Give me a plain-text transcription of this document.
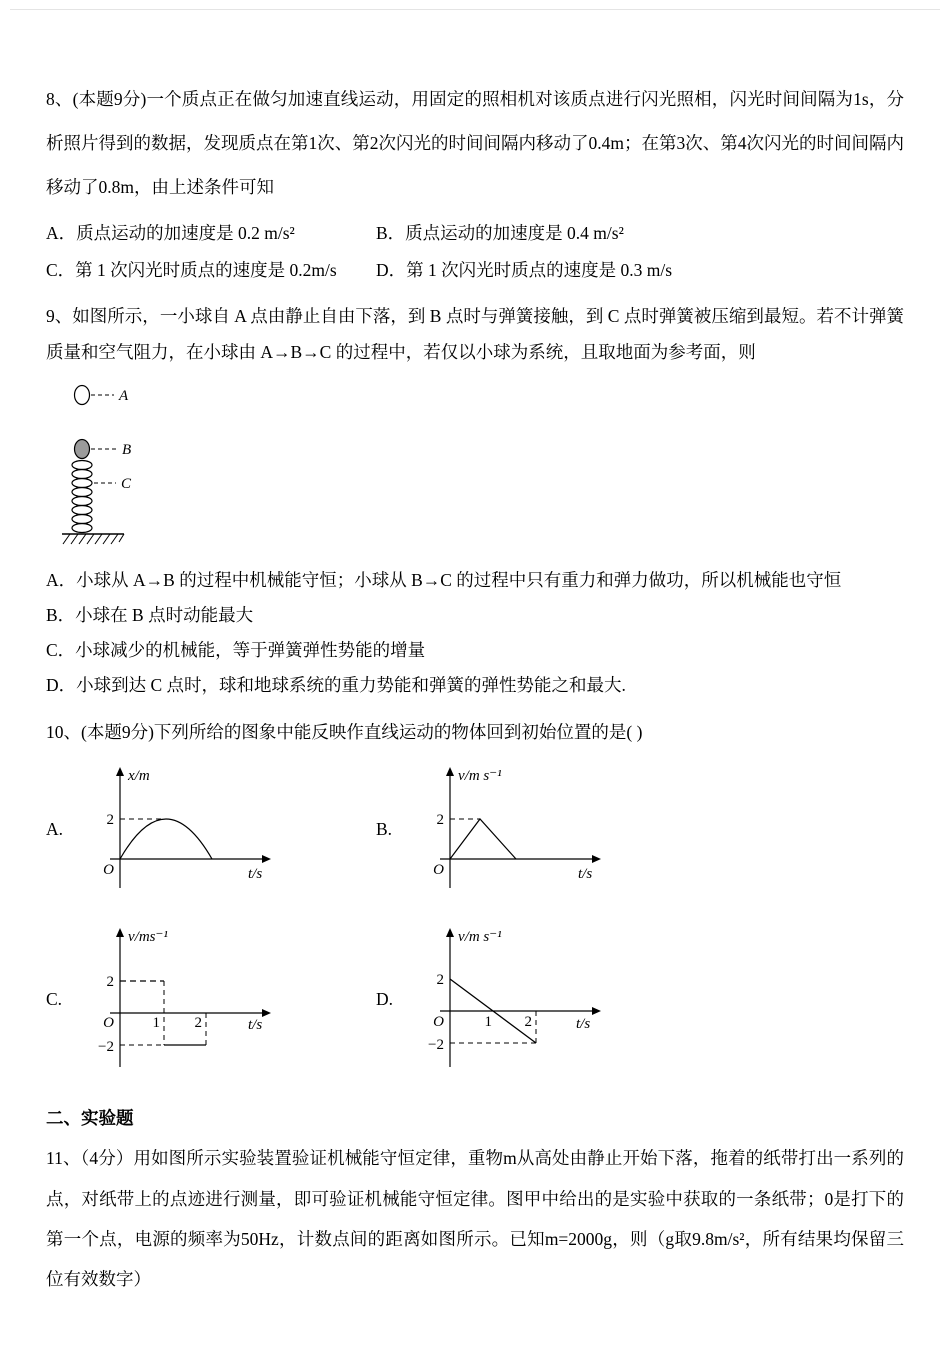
8、(本题9分)一个质点正在做匀加速直线运动，用固定的照相机对该质点进行闪光照相，闪光时间间隔为1s，分析照片得到的数据，发现质点在第1次、第2次闪光的时间间隔内移动了0.4m；在第3次、第4次闪光的时间间隔内移动了0.8m，由上述条件可知

A．质点运动的加速度是 0.2 m/s²	B．质点运动的加速度是 0.4 m/s²
C．第 1 次闪光时质点的速度是 0.2m/s	D．第 1 次闪光时质点的速度是 0.3 m/s

9、如图所示，一小球自 A 点由静止自由下落，到 B 点时与弹簧接触，到 C 点时弹簧被压缩到最短。若不计弹簧质量和空气阻力，在小球由 A→B→C 的过程中，若仅以小球为系统，且取地面为参考面，则

A
B
C
A．小球从 A→B 的过程中机械能守恒；小球从 B→C 的过程中只有重力和弹力做功，所以机械能也守恒
B．小球在 B 点时动能最大
C．小球减少的机械能，等于弹簧弹性势能的增量
D．小球到达 C 点时，球和地球系统的重力势能和弹簧的弹性势能之和最大.

10、(本题9分)下列所给的图象中能反映作直线运动的物体回到初始位置的是( )

A.
x/m
2
O	t/s
B.
v/m s⁻¹
2
O	t/s
C.
v/ms⁻¹
2
−2
O	1 2	t/s
D.
v/m s⁻¹
2
−2
O	1 2	t/s
二、实验题

11、（4分）用如图所示实验装置验证机械能守恒定律，重物m从高处由静止开始下落，拖着的纸带打出一系列的点，对纸带上的点迹进行测量，即可验证机械能守恒定律。图甲中给出的是实验中获取的一条纸带；0是打下的第一个点，电源的频率为50Hz，计数点间的距离如图所示。已知m=2000g，则（g取9.8m/s²，所有结果均保留三位有效数字）
